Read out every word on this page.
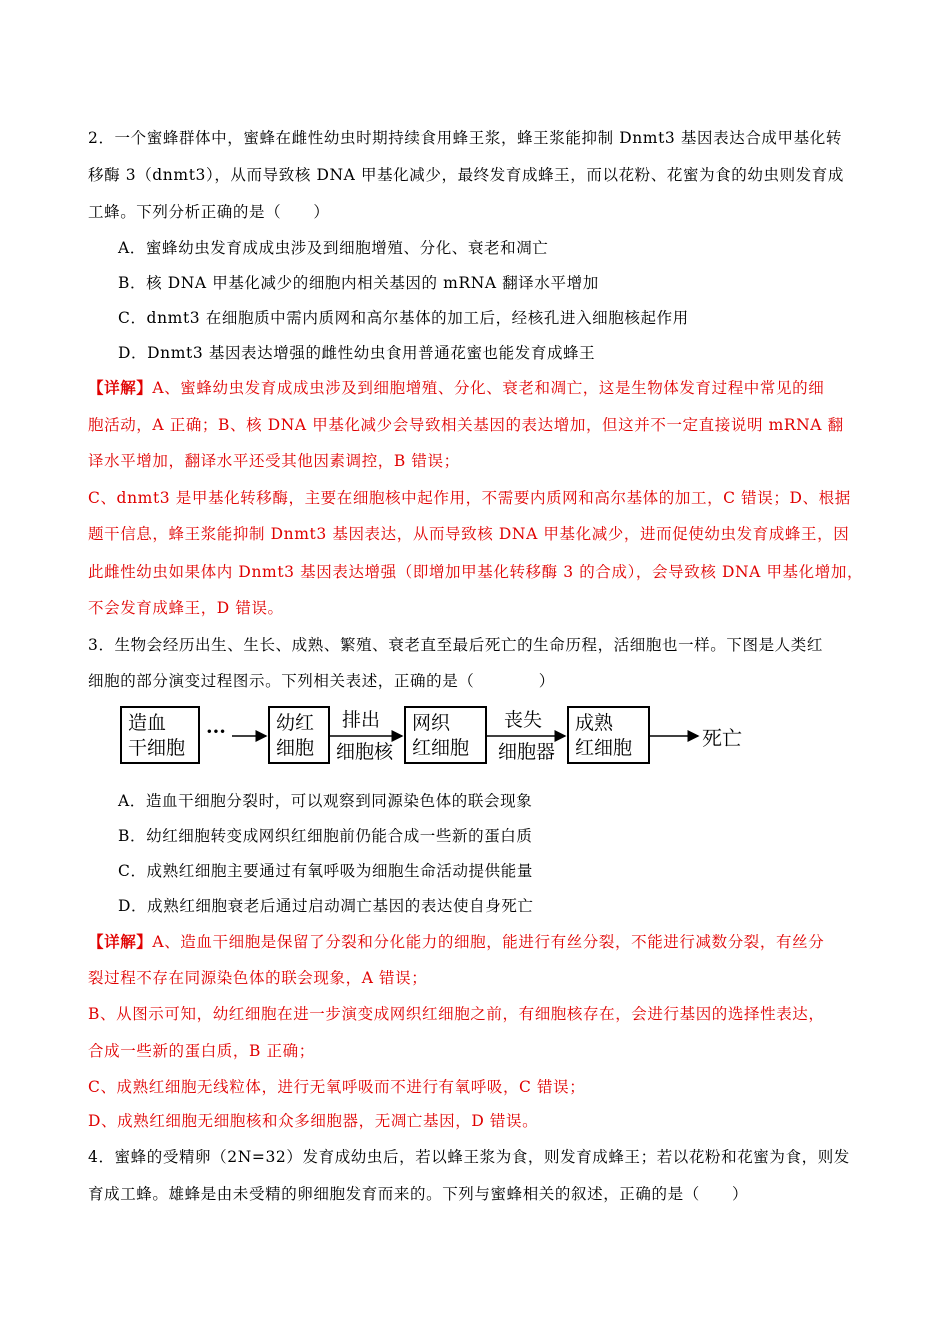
2．一个蜜蜂群体中，蜜蜂在雌性幼虫时期持续食用蜂王浆，蜂王浆能抑制 Dnmt3 基因表达合成甲基化转
移酶 3（dnmt3），从而导致核 DNA 甲基化减少，最终发育成蜂王，而以花粉、花蜜为食的幼虫则发育成
工蜂。下列分析正确的是（　　）
A．蜜蜂幼虫发育成成虫涉及到细胞增殖、分化、衰老和凋亡
B．核 DNA 甲基化减少的细胞内相关基因的 mRNA 翻译水平增加
C．dnmt3 在细胞质中需内质网和高尔基体的加工后，经核孔进入细胞核起作用
D．Dnmt3 基因表达增强的雌性幼虫食用普通花蜜也能发育成蜂王
【详解】A、蜜蜂幼虫发育成成虫涉及到细胞增殖、分化、衰老和凋亡，这是生物体发育过程中常见的细
胞活动，A 正确；B、核 DNA 甲基化减少会导致相关基因的表达增加，但这并不一定直接说明 mRNA 翻
译水平增加，翻译水平还受其他因素调控，B 错误；
C、dnmt3 是甲基化转移酶，主要在细胞核中起作用，不需要内质网和高尔基体的加工，C 错误；D、根据
题干信息，蜂王浆能抑制 Dnmt3 基因表达，从而导致核 DNA 甲基化减少，进而促使幼虫发育成蜂王，因
此雌性幼虫如果体内 Dnmt3 基因表达增强（即增加甲基化转移酶 3 的合成），会导致核 DNA 甲基化增加，
不会发育成蜂王，D 错误。
3．生物会经历出生、生长、成熟、繁殖、衰老直至最后死亡的生命历程，活细胞也一样。下图是人类红
细胞的部分演变过程图示。下列相关表述，正确的是（　　　　）
造血
干细胞
···	幼红
细胞
排出
细胞核
网织
红细胞
丧失
细胞器
成熟
红细胞	死亡
A．造血干细胞分裂时，可以观察到同源染色体的联会现象
B．幼红细胞转变成网织红细胞前仍能合成一些新的蛋白质
C．成熟红细胞主要通过有氧呼吸为细胞生命活动提供能量
D．成熟红细胞衰老后通过启动凋亡基因的表达使自身死亡
【详解】A、造血干细胞是保留了分裂和分化能力的细胞，能进行有丝分裂，不能进行减数分裂，有丝分
裂过程不存在同源染色体的联会现象，A 错误；
B、从图示可知，幼红细胞在进一步演变成网织红细胞之前，有细胞核存在，会进行基因的选择性表达，
合成一些新的蛋白质，B 正确；
C、成熟红细胞无线粒体，进行无氧呼吸而不进行有氧呼吸，C 错误；
D、成熟红细胞无细胞核和众多细胞器，无凋亡基因，D 错误。
4．蜜蜂的受精卵（2N=32）发育成幼虫后，若以蜂王浆为食，则发育成蜂王；若以花粉和花蜜为食，则发
育成工蜂。雄蜂是由未受精的卵细胞发育而来的。下列与蜜蜂相关的叙述，正确的是（　　）
